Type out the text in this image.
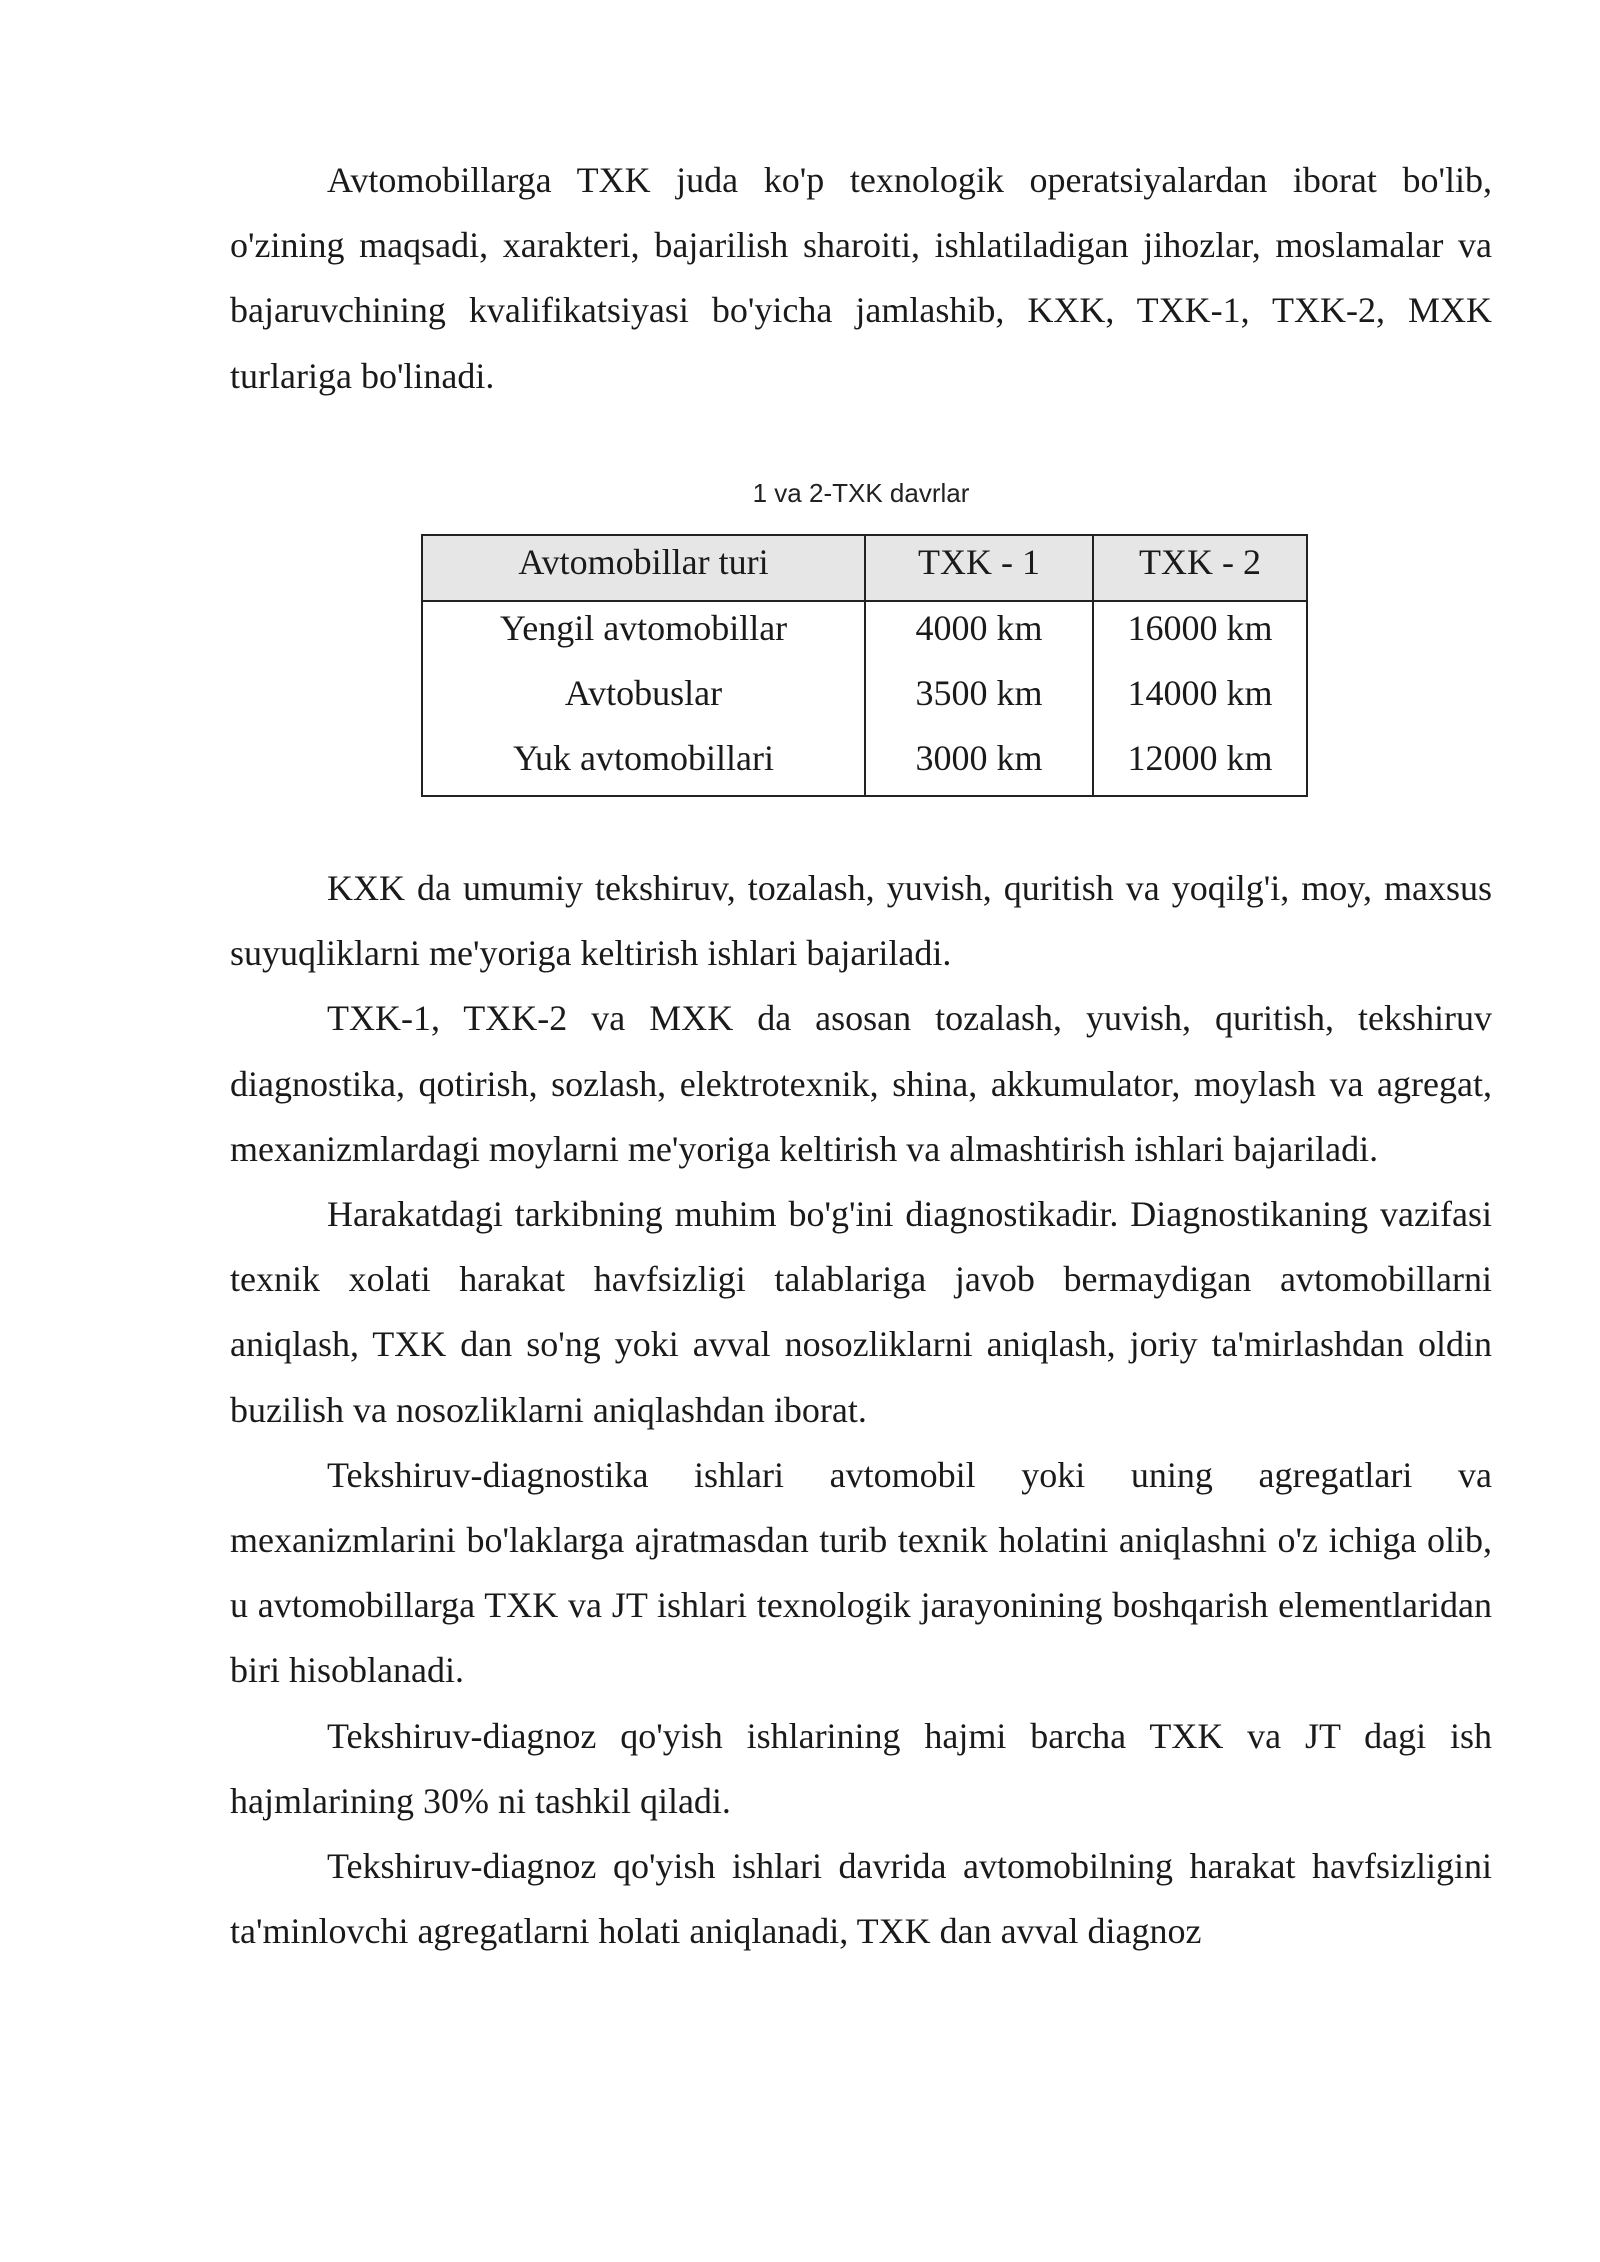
Avtomobillarga TXK juda ko'p texnologik operatsiyalardan iborat bo'lib, o'zining maqsadi, xarakteri, bajarilish sharoiti, ishlatiladigan jihozlar, moslamalar va bajaruvchining kvalifikatsiyasi bo'yicha jamlashib, KXK, TXK-1, TXK-2, MXK turlariga bo'linadi.

1 va 2-TXK davrlar

Avtomobillar turi	TXK - 1	TXK - 2
Yengil avtomobillar	4000 km	16000 km
Avtobuslar	3500 km	14000 km
Yuk avtomobillari	3000 km	12000 km

KXK da umumiy tekshiruv, tozalash, yuvish, quritish va yoqilg'i, moy, maxsus suyuqliklarni me'yoriga keltirish ishlari bajariladi.

TXK-1, TXK-2 va MXK da asosan tozalash, yuvish, quritish, tekshiruv diagnostika, qotirish, sozlash, elektrotexnik, shina, akkumulator, moylash va agregat, mexanizmlardagi moylarni me'yoriga keltirish va almashtirish ishlari bajariladi.

Harakatdagi tarkibning muhim bo'g'ini diagnostikadir. Diagnostikaning vazifasi texnik xolati harakat havfsizligi talablariga javob bermaydigan avtomobillarni aniqlash, TXK dan so'ng yoki avval nosozliklarni aniqlash, joriy ta'mirlashdan oldin buzilish va nosozliklarni aniqlashdan iborat.

Tekshiruv-diagnostika ishlari avtomobil yoki uning agregatlari va mexanizmlarini bo'laklarga ajratmasdan turib texnik holatini aniqlashni o'z ichiga olib, u avtomobillarga TXK va JT ishlari texnologik jarayonining boshqarish elementlaridan biri hisoblanadi.

Tekshiruv-diagnoz qo'yish ishlarining hajmi barcha TXK va JT dagi ish hajmlarining 30% ni tashkil qiladi.

Tekshiruv-diagnoz qo'yish ishlari davrida avtomobilning harakat havfsizligini ta'minlovchi agregatlarni holati aniqlanadi, TXK dan avval diagnoz
